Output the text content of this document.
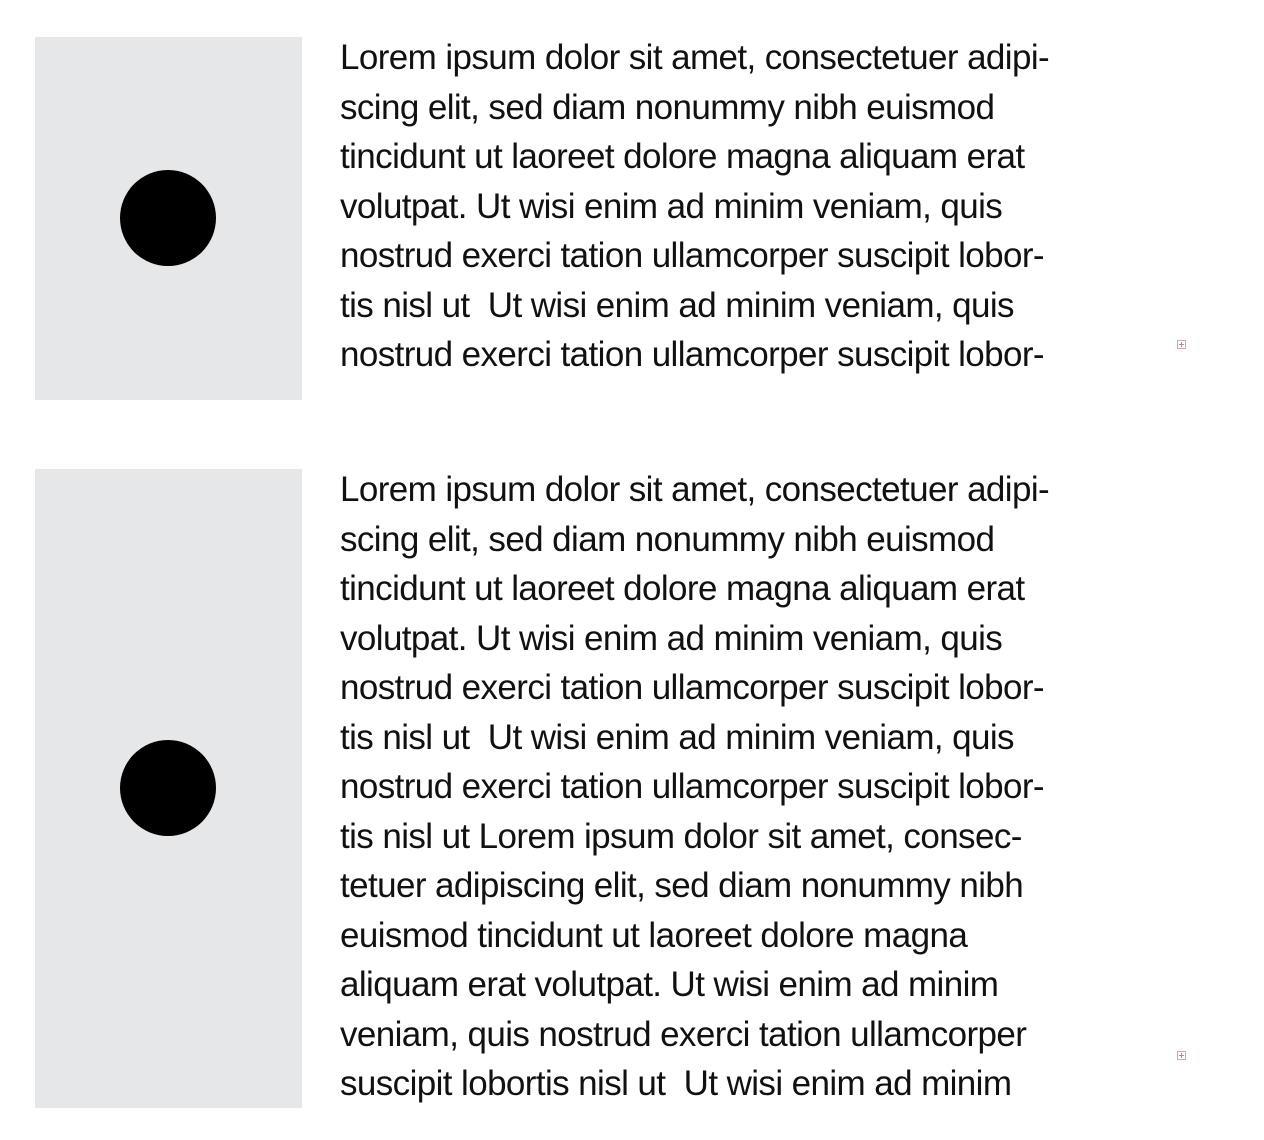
Lorem ipsum dolor sit amet, consectetuer adipi-
scing elit, sed diam nonummy nibh euismod
tincidunt ut laoreet dolore magna aliquam erat
volutpat. Ut wisi enim ad minim veniam, quis
nostrud exerci tation ullamcorper suscipit lobor-
tis nisl ut  Ut wisi enim ad minim veniam, quis
nostrud exerci tation ullamcorper suscipit lobor-
Lorem ipsum dolor sit amet, consectetuer adipi-
scing elit, sed diam nonummy nibh euismod
tincidunt ut laoreet dolore magna aliquam erat
volutpat. Ut wisi enim ad minim veniam, quis
nostrud exerci tation ullamcorper suscipit lobor-
tis nisl ut  Ut wisi enim ad minim veniam, quis
nostrud exerci tation ullamcorper suscipit lobor-
tis nisl ut Lorem ipsum dolor sit amet, consec-
tetuer adipiscing elit, sed diam nonummy nibh
euismod tincidunt ut laoreet dolore magna
aliquam erat volutpat. Ut wisi enim ad minim
veniam, quis nostrud exerci tation ullamcorper
suscipit lobortis nisl ut  Ut wisi enim ad minim
